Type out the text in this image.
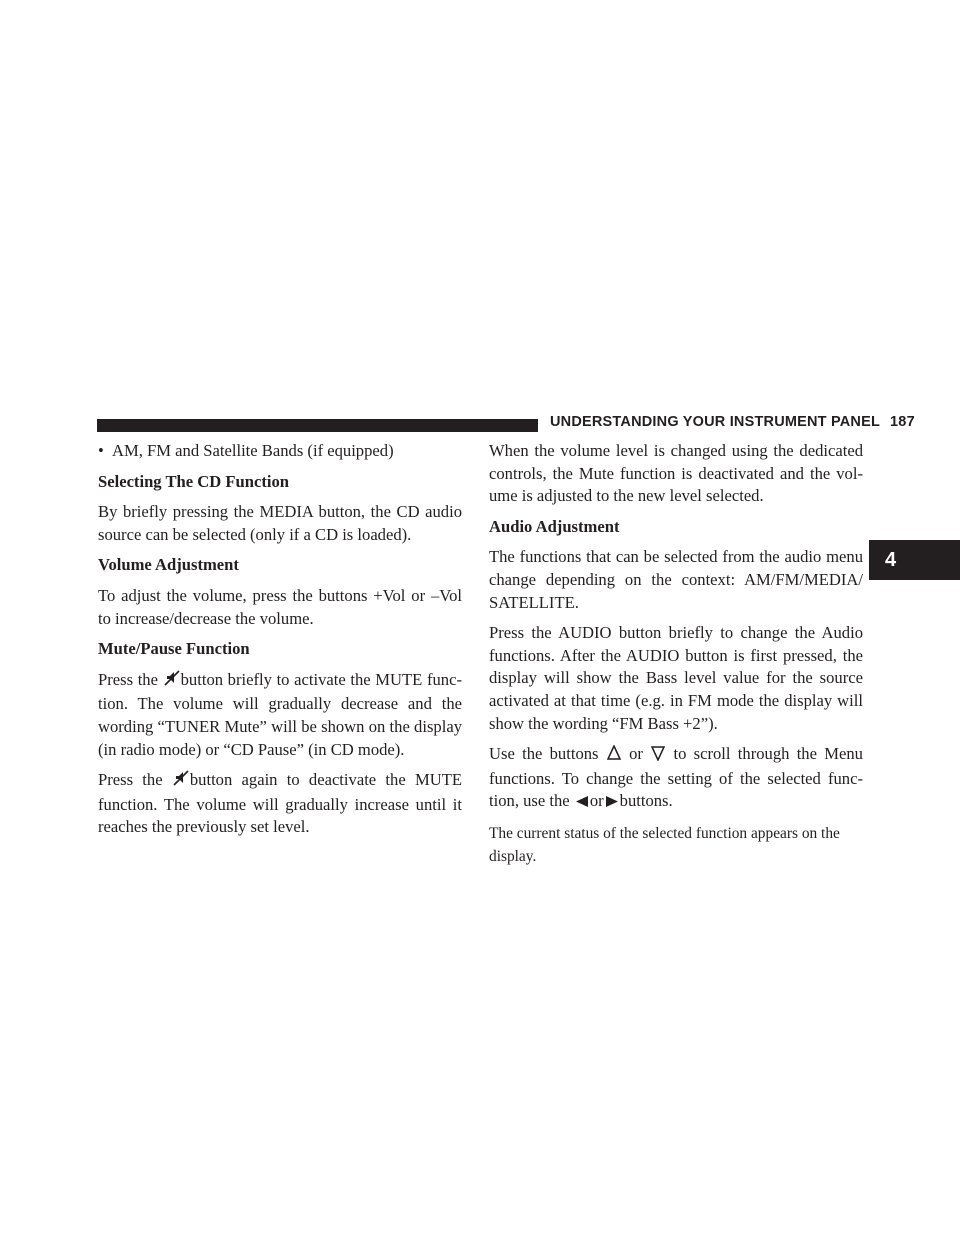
UNDERSTANDING YOUR INSTRUMENT PANEL 187
4
• AM, FM and Satellite Bands (if equipped)
Selecting The CD Function

By briefly pressing the MEDIA button, the CD audio source can be selected (only if a CD is loaded).

Volume Adjustment

To adjust the volume, press the buttons +Vol or –Vol to increase/decrease the volume.

Mute/Pause Function

Press the button briefly to activate the MUTE func- tion. The volume will gradually decrease and the wording “TUNER Mute” will be shown on the display (in radio mode) or “CD Pause” (in CD mode).

Press the button again to deactivate the MUTE function. The volume will gradually increase until it reaches the previously set level.

When the volume level is changed using the dedicated controls, the Mute function is deactivated and the vol- ume is adjusted to the new level selected.

Audio Adjustment

The functions that can be selected from the audio menu change depending on the context: AM/FM/MEDIA/ SATELLITE.

Press the AUDIO button briefly to change the Audio functions. After the AUDIO button is first pressed, the display will show the Bass level value for the source activated at that time (e.g. in FM mode the display will show the wording “FM Bass +2”).

Use the buttons or to scroll through the Menu functions. To change the setting of the selected func- tion, use the or buttons.

The current status of the selected function appears on the display.
